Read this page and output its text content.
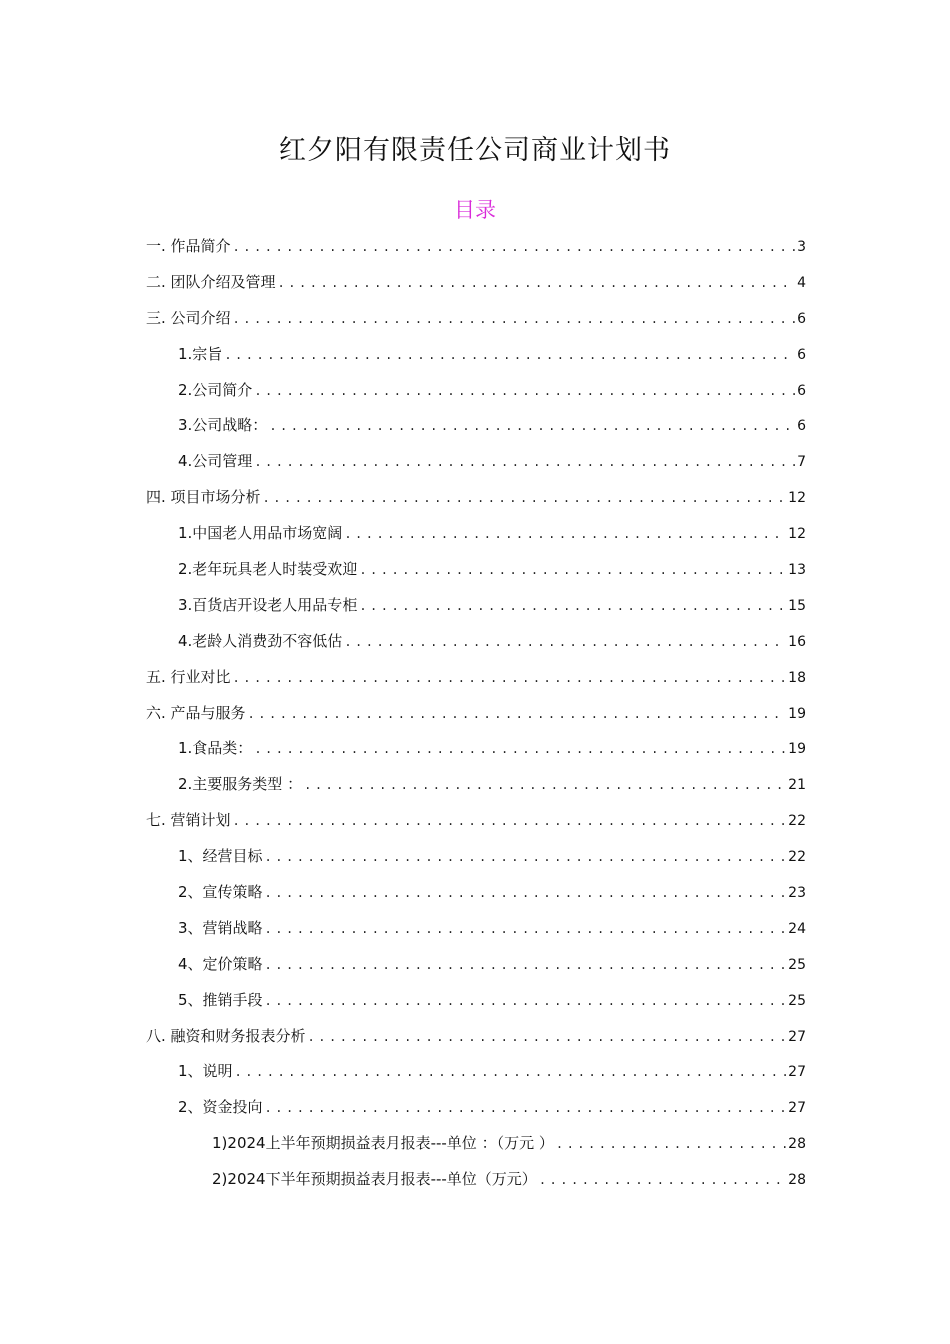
红夕阳有限责任公司商业计划书
目录
一. 作品简介 .....	3
二. 团队介绍及管理 .....	4
三. 公司介绍 .....	6
1.宗旨 .....	6
2.公司简介 .....	6
3.公司战略： .....	6
4.公司管理 .....	7
四. 项目市场分析 .....	12
1.中国老人用品市场宽阔 .....	12
2.老年玩具老人时装受欢迎 .....	13
3.百货店开设老人用品专柜 .....	15
4.老龄人消费劲不容低估 .....	16
五. 行业对比 .....	18
六. 产品与服务 .....	19
1.食品类： .....	19
2.主要服务类型 ： .....	21
七. 营销计划 .....	22
1、经营目标 .....	22
2、宣传策略 .....	23
3、营销战略 .....	24
4、定价策略 .....	25
5、推销手段 .....	25
八. 融资和财务报表分析 .....	27
1、说明 .....	27
2、资金投向 .....	27
1)2024上半年预期损益表月报表---单位 ：（万元 ） .....	28
2)2024下半年预期损益表月报表---单位（万元） .....	28
